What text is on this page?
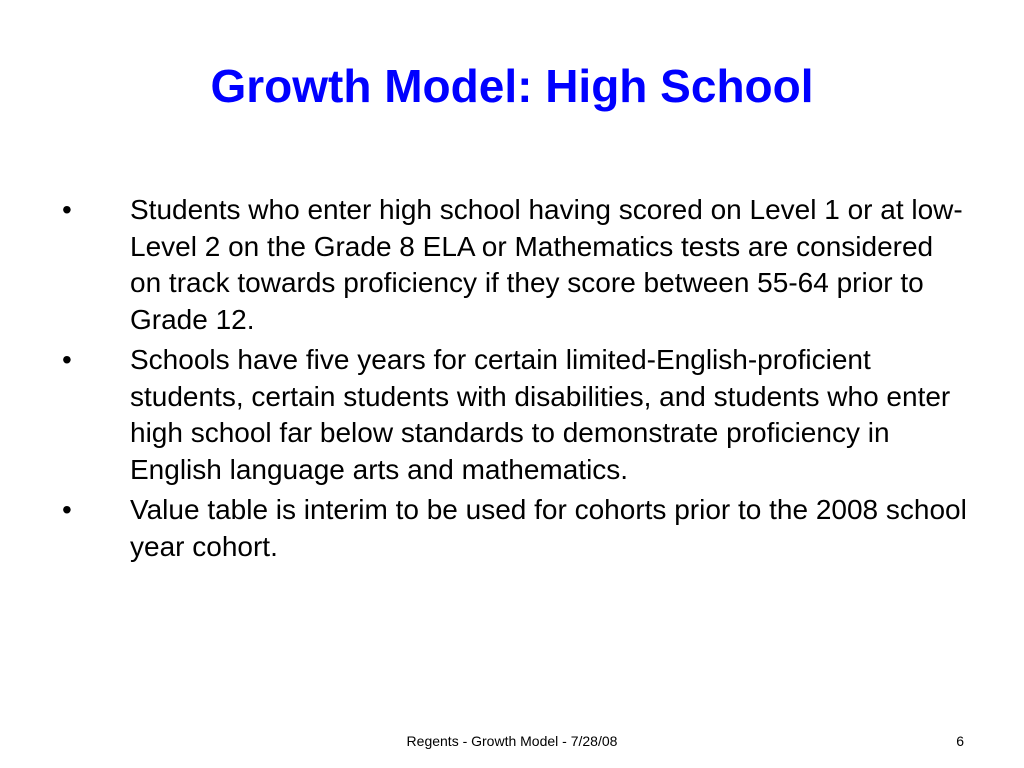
Growth Model: High School
• Students who enter high school having scored on Level 1 or at low-Level 2 on the Grade 8 ELA or Mathematics tests are considered on track towards proficiency if they score between 55-64 prior to Grade 12.
• Schools have five years for certain limited-English-proficient students, certain students with disabilities, and students who enter high school far below standards to demonstrate proficiency in English language arts and mathematics.
• Value table is interim to be used for cohorts prior to the 2008 school year cohort.
Regents - Growth Model - 7/28/08	6
